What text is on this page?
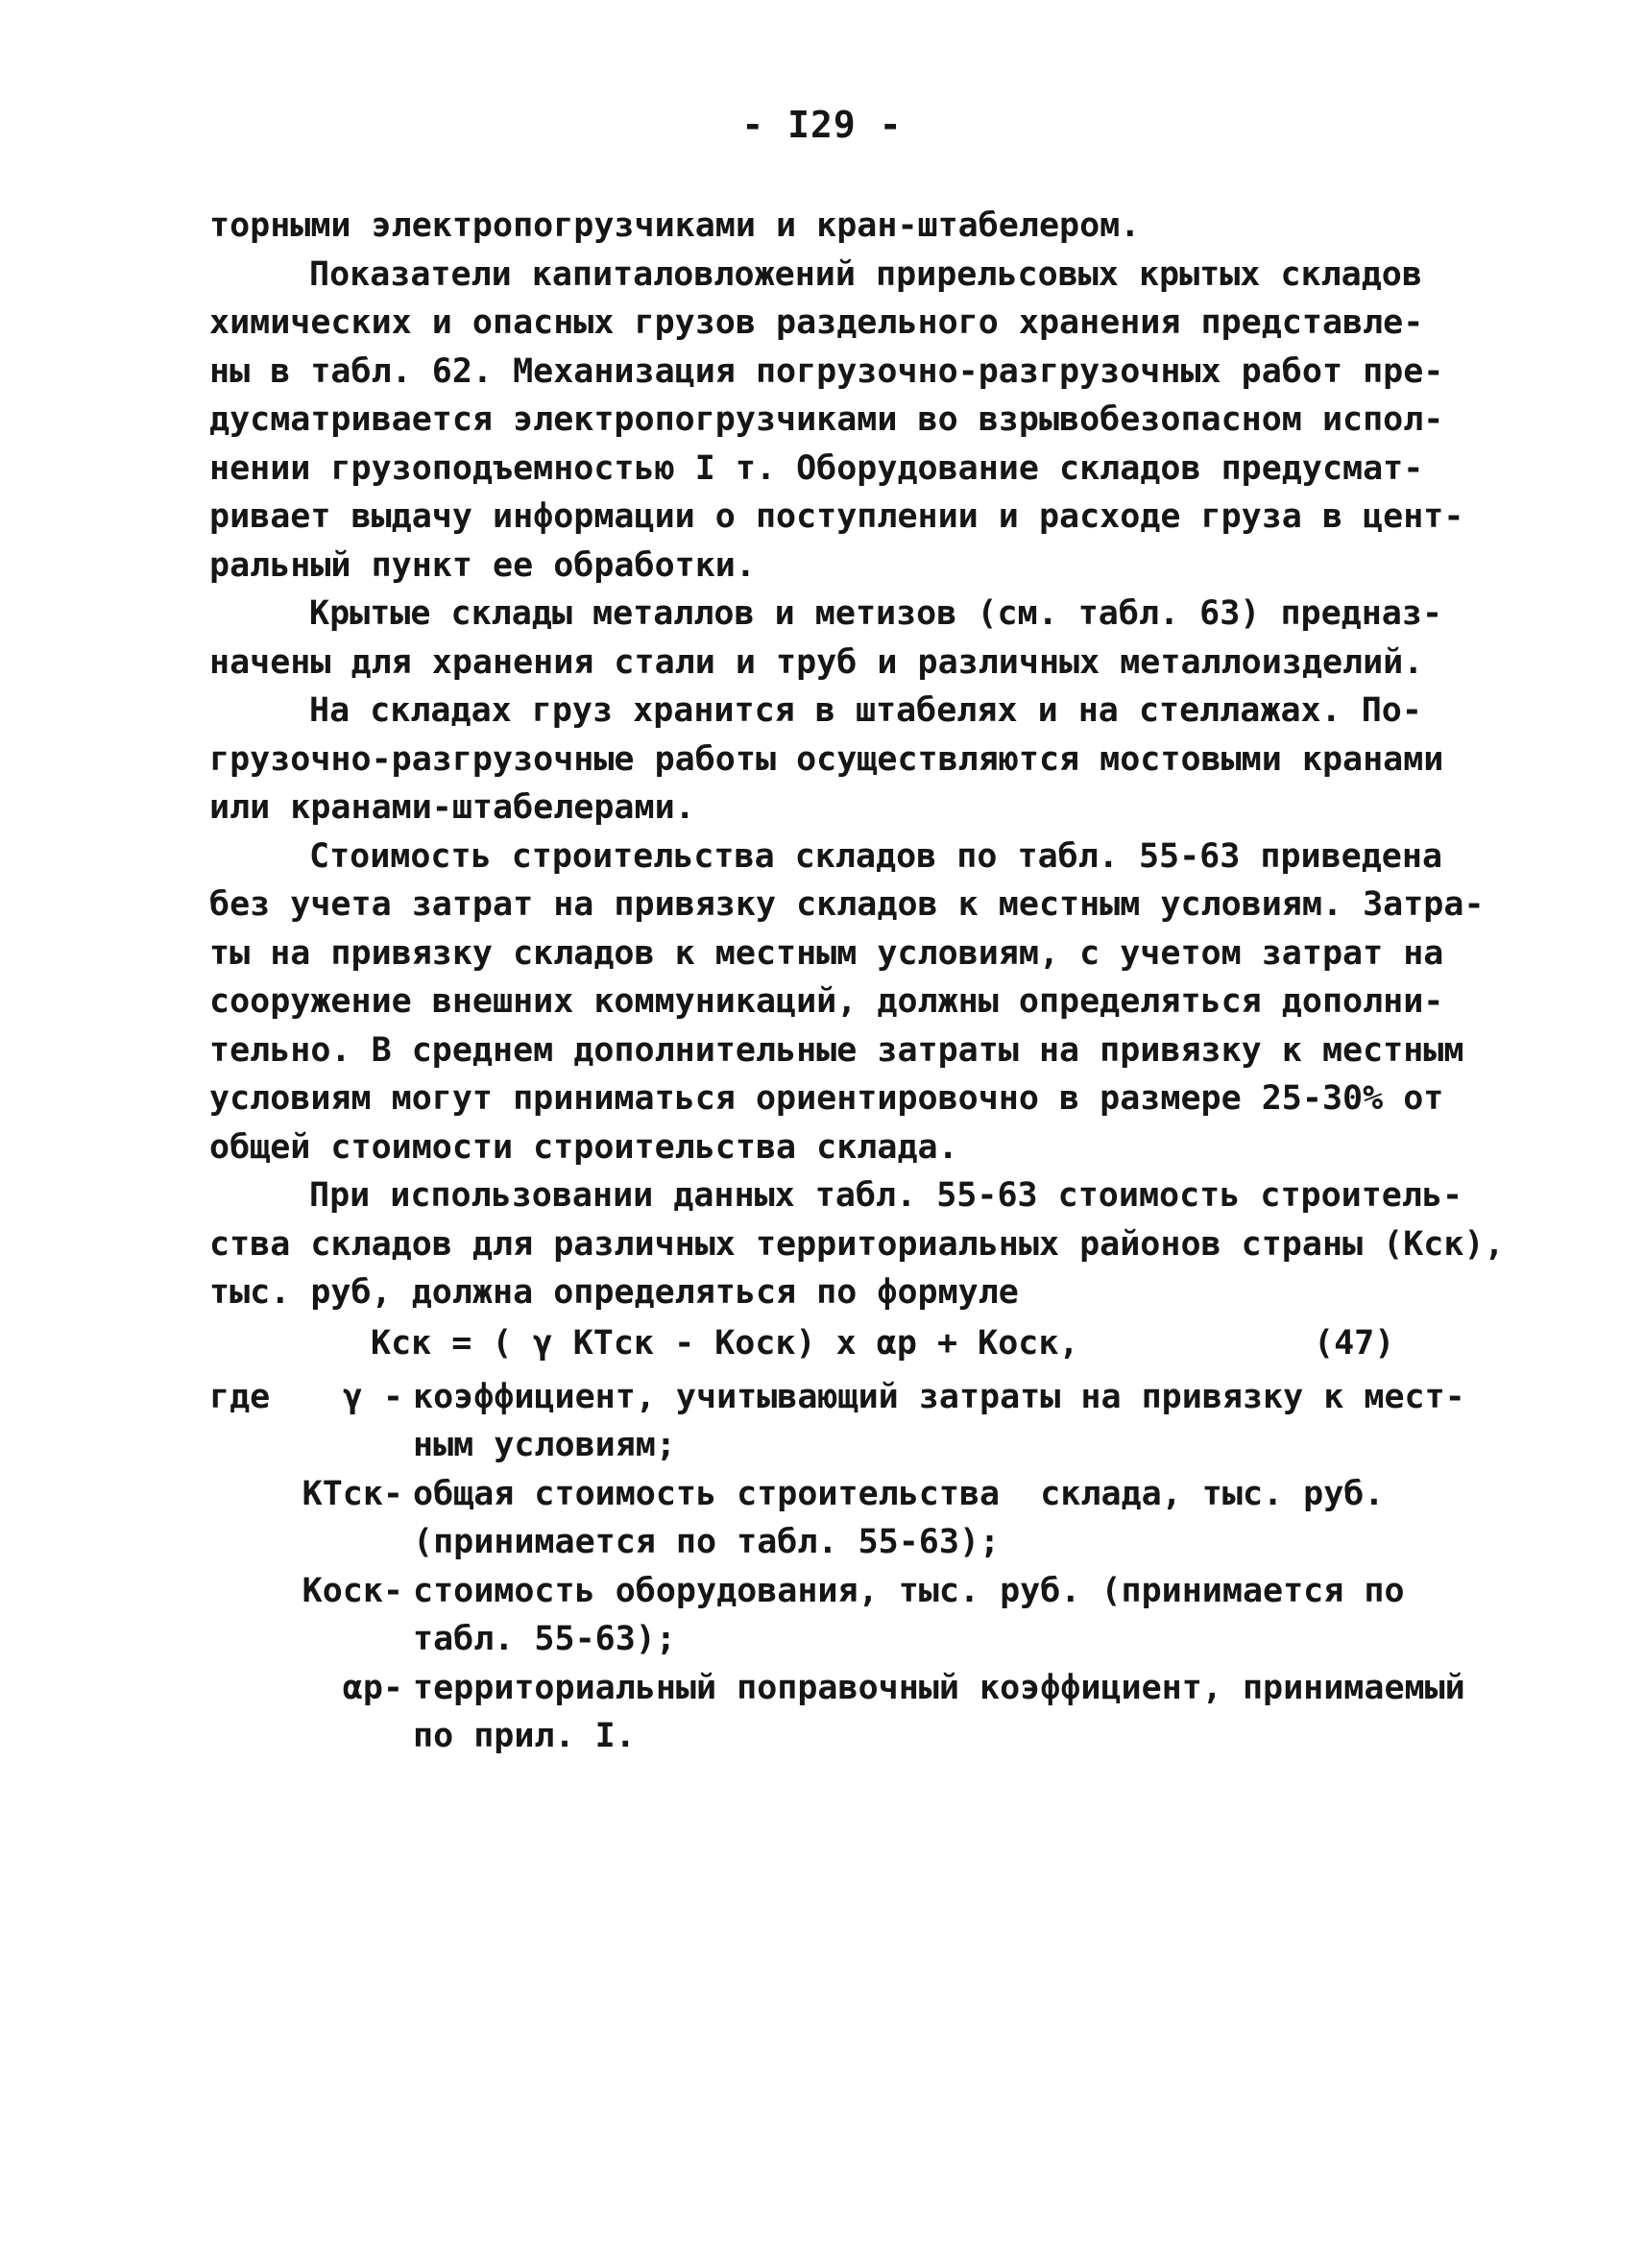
- I29 -
торными электропогрузчиками и кран-штабелером.
Показатели капиталовложений прирельсовых крытых складов
химических и опасных грузов раздельного хранения представле-
ны в табл. 62. Механизация погрузочно-разгрузочных работ пре-
дусматривается электропогрузчиками во взрывобезопасном испол-
нении грузоподъемностью I т. Оборудование складов предусмат-
ривает выдачу информации о поступлении и расходе груза в цент-
ральный пункт ее обработки.
Крытые склады металлов и метизов (см. табл. 63) предназ-
начены для хранения стали и труб и различных металлоизделий.
На складах груз хранится в штабелях и на стеллажах. По-
грузочно-разгрузочные работы осуществляются мостовыми кранами
или кранами-штабелерами.
Стоимость строительства складов по табл. 55-63 приведена
без учета затрат на привязку складов к местным условиям. Затра-
ты на привязку складов к местным условиям, с учетом затрат на
сооружение внешних коммуникаций, должны определяться дополни-
тельно. В среднем дополнительные затраты на привязку к местным
условиям могут приниматься ориентировочно в размере 25-30% от
общей стоимости строительства склада.
При использовании данных табл. 55-63 стоимость строитель-
ства складов для различных территориальных районов страны (Kск),
тыс. руб, должна определяться по формуле

Kск = ( γ KТск - Kоск) x αр + Kоск,

	(47)

где	γ - коэффициент, учитывающий затраты на привязку к мест-
ным условиям;
KТск- общая стоимость строительства  склада, тыс. руб.
(принимается по табл. 55-63);
Kоск- стоимость оборудования, тыс. руб. (принимается по
табл. 55-63);
αр- территориальный поправочный коэффициент, принимаемый
по прил. I.
